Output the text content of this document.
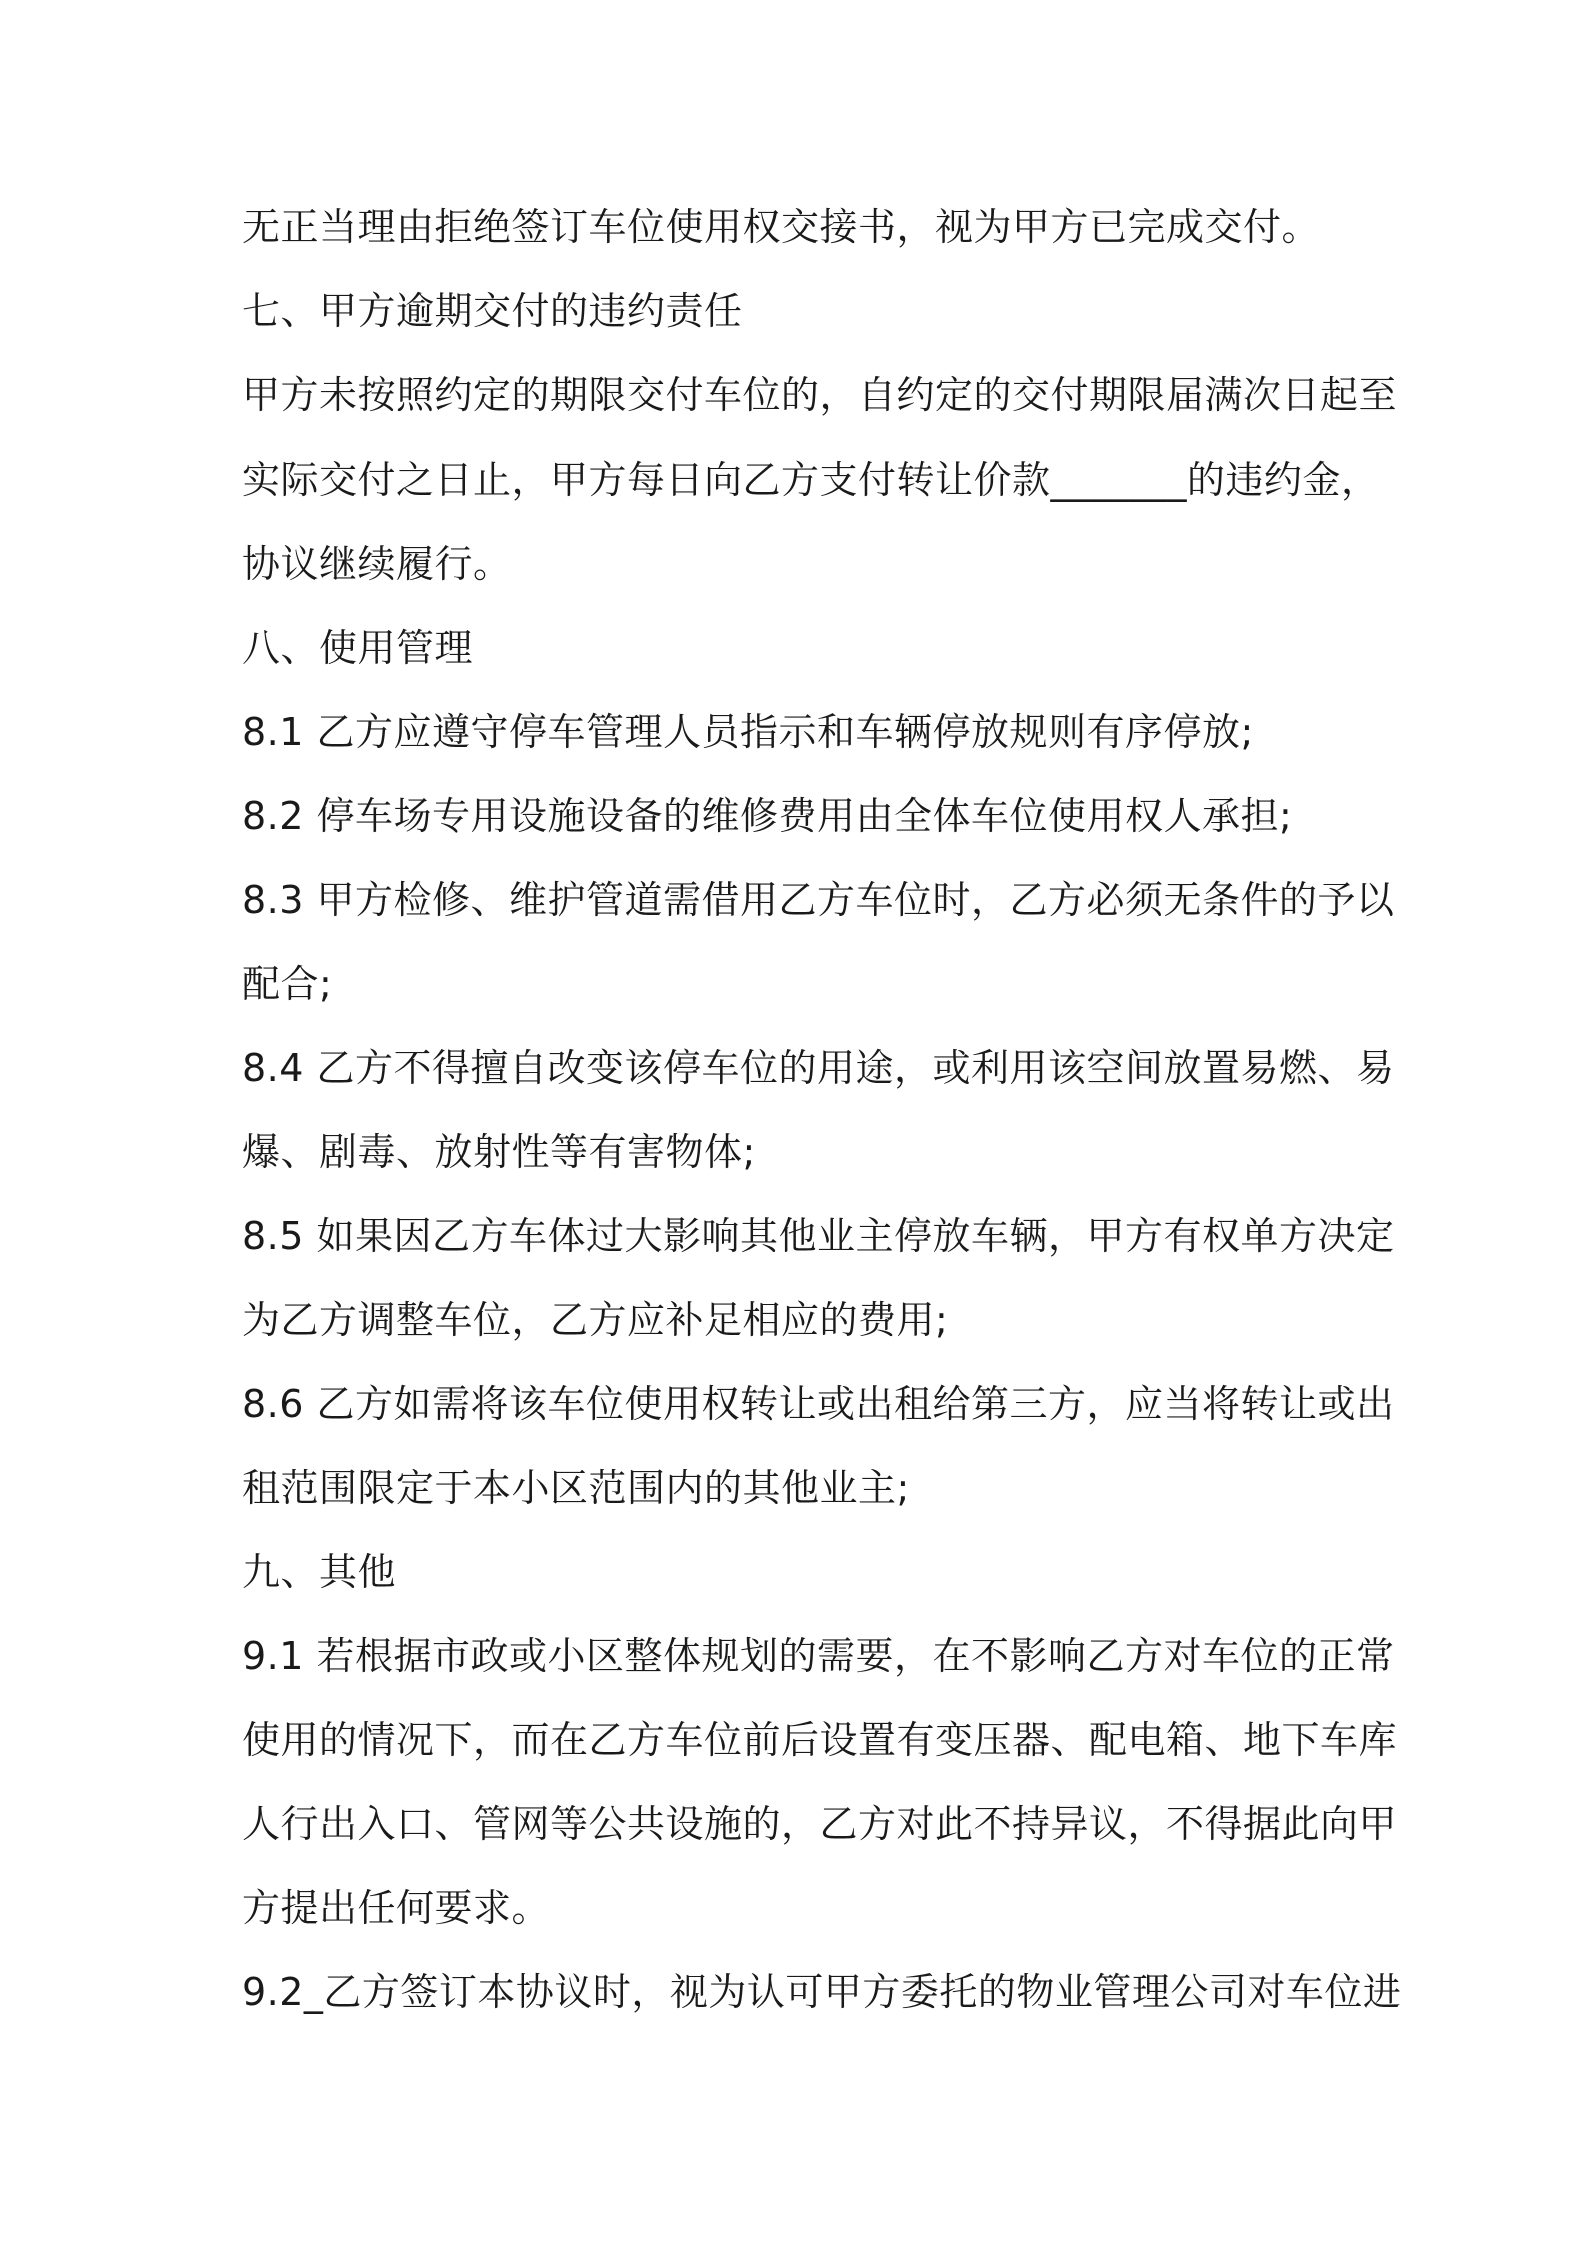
无正当理由拒绝签订车位使用权交接书，视为甲方已完成交付。
七、甲方逾期交付的违约责任
甲方未按照约定的期限交付车位的，自约定的交付期限届满次日起至
实际交付之日止，甲方每日向乙方支付转让价款_______的违约金，
协议继续履行。
八、使用管理
8.1 乙方应遵守停车管理人员指示和车辆停放规则有序停放;
8.2 停车场专用设施设备的维修费用由全体车位使用权人承担;
8.3 甲方检修、维护管道需借用乙方车位时，乙方必须无条件的予以
配合;
8.4 乙方不得擅自改变该停车位的用途，或利用该空间放置易燃、易
爆、剧毒、放射性等有害物体;
8.5 如果因乙方车体过大影响其他业主停放车辆，甲方有权单方决定
为乙方调整车位，乙方应补足相应的费用;
8.6 乙方如需将该车位使用权转让或出租给第三方，应当将转让或出
租范围限定于本小区范围内的其他业主;
九、其他
9.1 若根据市政或小区整体规划的需要，在不影响乙方对车位的正常
使用的情况下，而在乙方车位前后设置有变压器、配电箱、地下车库
人行出入口、管网等公共设施的，乙方对此不持异议，不得据此向甲
方提出任何要求。
9.2_乙方签订本协议时，视为认可甲方委托的物业管理公司对车位进
